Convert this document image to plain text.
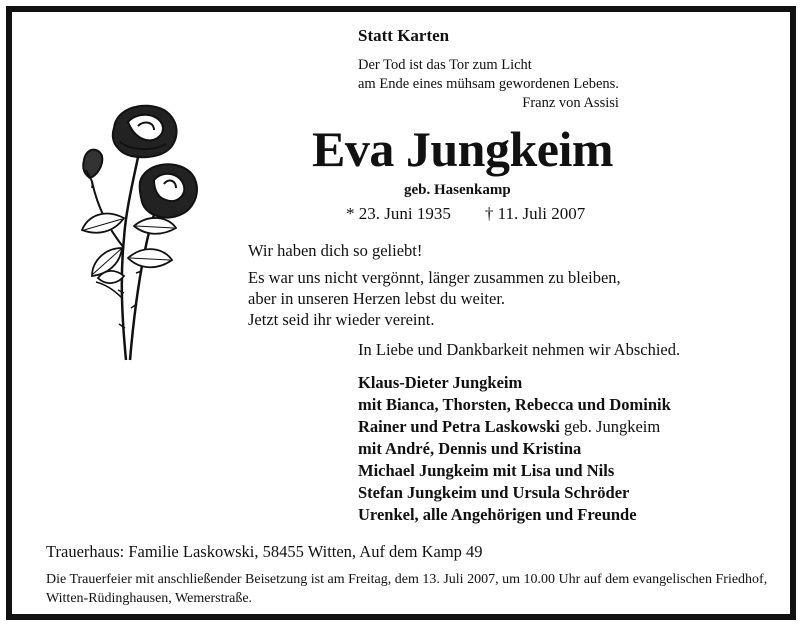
Statt Karten
Der Tod ist das Tor zum Licht
am Ende eines mühsam gewordenen Lebens.
Franz von Assisi
Eva Jungkeim
geb. Hasenkamp
* 23. Juni 1935 † 11. Juli 2007
Wir haben dich so geliebt!
Es war uns nicht vergönnt, länger zusammen zu bleiben,
aber in unseren Herzen lebst du weiter.
Jetzt seid ihr wieder vereint.
In Liebe und Dankbarkeit nehmen wir Abschied.
Klaus-Dieter Jungkeim
mit Bianca, Thorsten, Rebecca und Dominik
Rainer und Petra Laskowski geb. Jungkeim
mit André, Dennis und Kristina
Michael Jungkeim mit Lisa und Nils
Stefan Jungkeim und Ursula Schröder
Urenkel, alle Angehörigen und Freunde
Trauerhaus: Familie Laskowski, 58455 Witten, Auf dem Kamp 49
Die Trauerfeier mit anschließender Beisetzung ist am Freitag, dem 13. Juli 2007, um 10.00 Uhr auf dem evangelischen Friedhof, Witten-Rüdinghausen, Wemerstraße.
